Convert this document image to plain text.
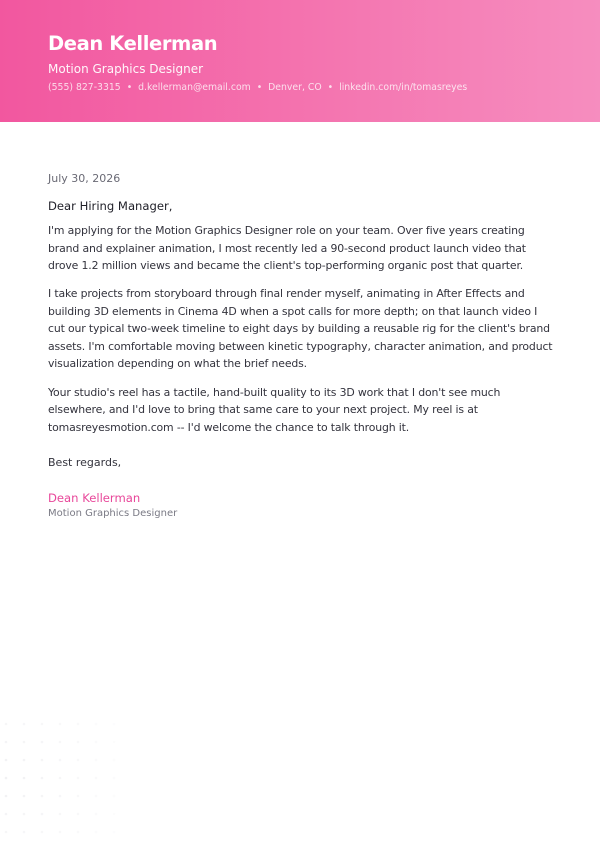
Dean Kellerman
Motion Graphics Designer
(555) 827-3315 • d.kellerman@email.com • Denver, CO • linkedin.com/in/tomasreyes
July 30, 2026
Dear Hiring Manager,

I'm applying for the Motion Graphics Designer role on your team. Over five years creating brand and explainer animation, I most recently led a 90-second product launch video that drove 1.2 million views and became the client's top-performing organic post that quarter.

I take projects from storyboard through final render myself, animating in After Effects and building 3D elements in Cinema 4D when a spot calls for more depth; on that launch video I cut our typical two-week timeline to eight days by building a reusable rig for the client's brand assets. I'm comfortable moving between kinetic typography, character animation, and product visualization depending on what the brief needs.

Your studio's reel has a tactile, hand-built quality to its 3D work that I don't see much elsewhere, and I'd love to bring that same care to your next project. My reel is at tomasreyesmotion.com -- I'd welcome the chance to talk through it.

Best regards,
Dean Kellerman
Motion Graphics Designer
